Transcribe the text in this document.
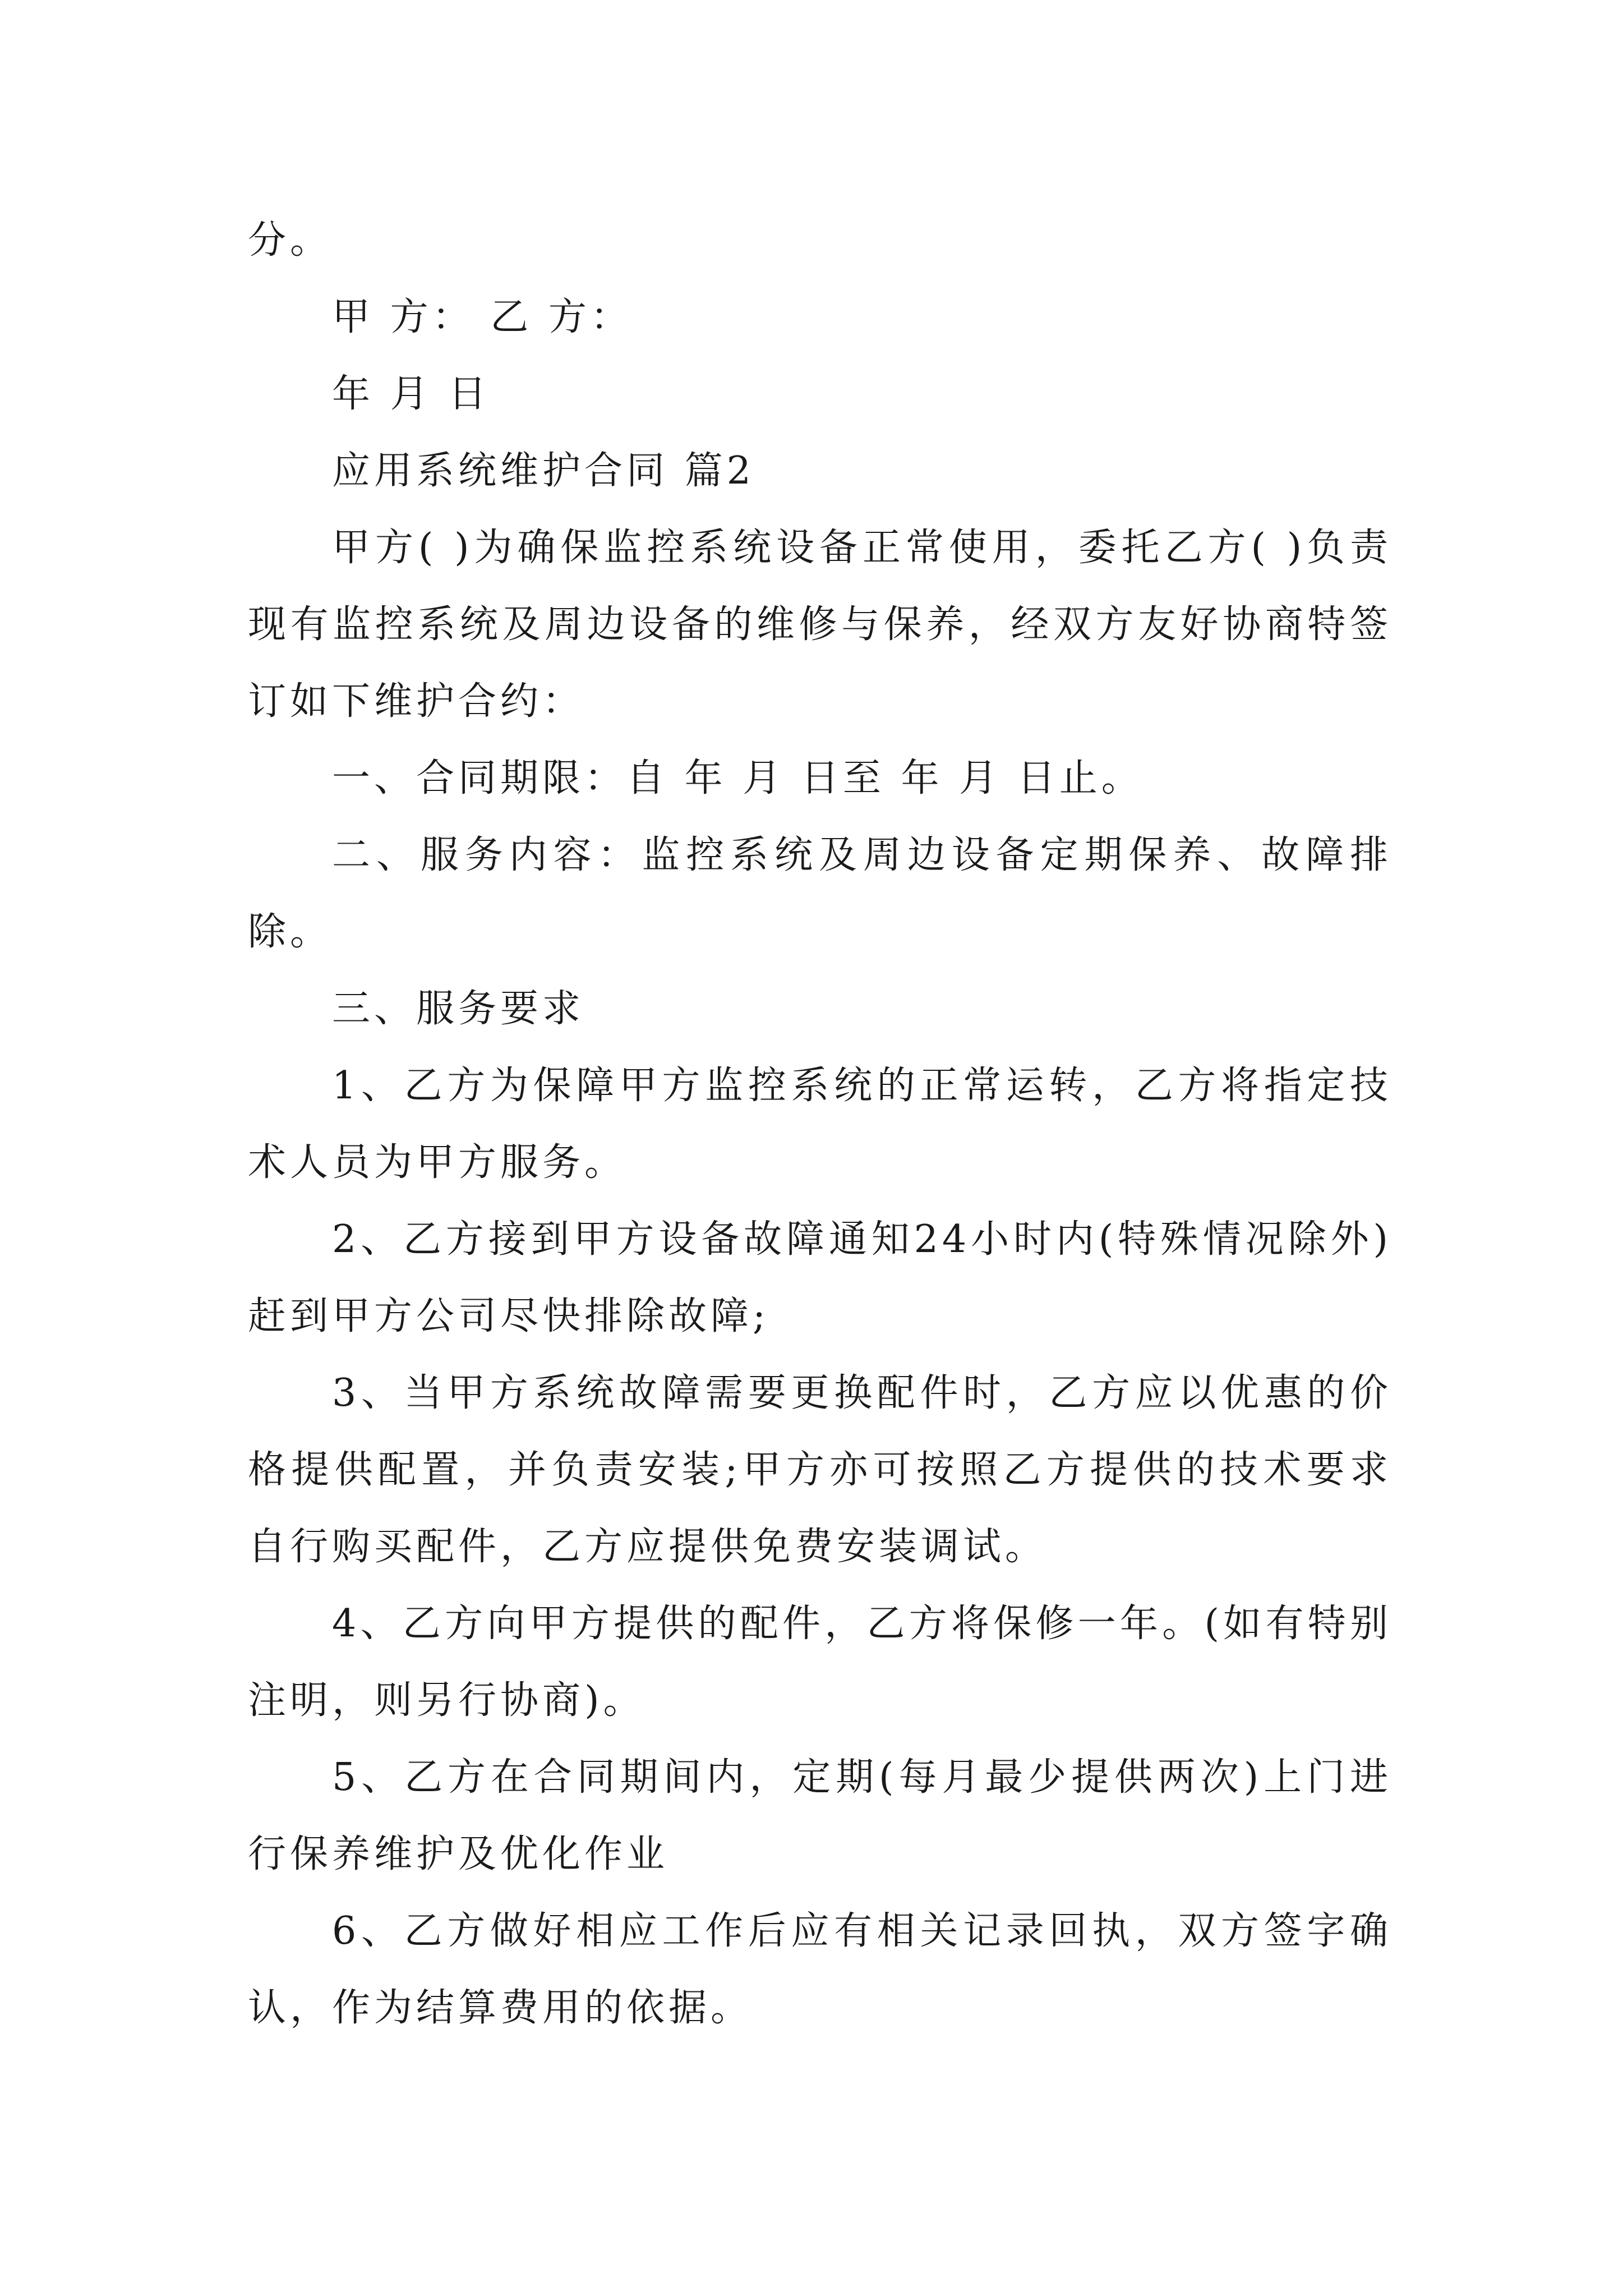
分。

甲 方： 乙 方：

年 月 日

应用系统维护合同 篇2

甲方( )为确保监控系统设备正常使用，委托乙方( )负责现有监控系统及周边设备的维修与保养，经双方友好协商特签订如下维护合约：

一、合同期限：自 年 月 日至 年 月 日止。

二、服务内容：监控系统及周边设备定期保养、故障排除。

三、服务要求

1、乙方为保障甲方监控系统的正常运转，乙方将指定技术人员为甲方服务。

2、乙方接到甲方设备故障通知24小时内(特殊情况除外)赶到甲方公司尽快排除故障;

3、当甲方系统故障需要更换配件时，乙方应以优惠的价格提供配置，并负责安装;甲方亦可按照乙方提供的技术要求自行购买配件，乙方应提供免费安装调试。

4、乙方向甲方提供的配件，乙方将保修一年。(如有特别注明，则另行协商)。

5、乙方在合同期间内，定期(每月最少提供两次)上门进行保养维护及优化作业

6、乙方做好相应工作后应有相关记录回执，双方签字确认，作为结算费用的依据。
